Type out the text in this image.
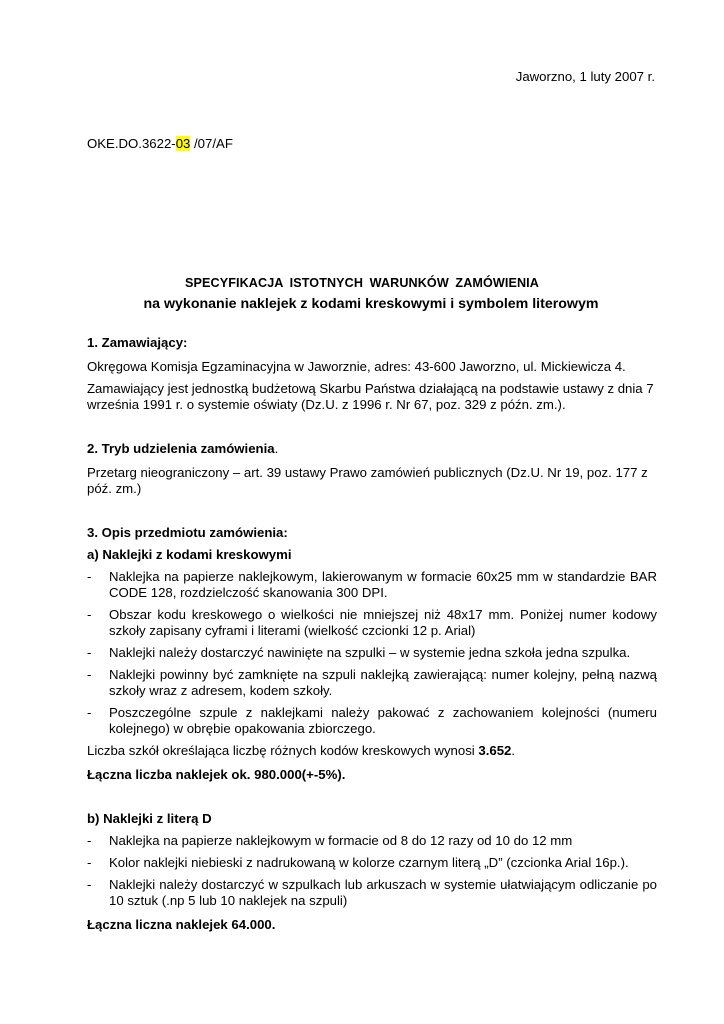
Jaworzno, 1 luty 2007 r.

OKE.DO.3622-03 /07/AF

SPECYFIKACJA ISTOTNYCH WARUNKÓW ZAMÓWIENIA

na wykonanie naklejek z kodami kreskowymi i symbolem literowym

1. Zamawiający:

Okręgowa Komisja Egzaminacyjna w Jaworznie, adres: 43-600 Jaworzno, ul. Mickiewicza 4.

Zamawiający jest jednostką budżetową Skarbu Państwa działającą na podstawie ustawy z dnia 7 września 1991 r. o systemie oświaty (Dz.U. z 1996 r. Nr 67, poz. 329 z późn. zm.).

2. Tryb udzielenia zamówienia.

Przetarg nieograniczony – art. 39 ustawy Prawo zamówień publicznych (Dz.U. Nr 19, poz. 177 z póź. zm.)

3. Opis przedmiotu zamówienia:

a) Naklejki z kodami kreskowymi

- Naklejka na papierze naklejkowym, lakierowanym w formacie 60x25 mm w standardzie BAR CODE 128, rozdzielczość skanowania 300 DPI.
- Obszar kodu kreskowego o wielkości nie mniejszej niż 48x17 mm. Poniżej numer kodowy szkoły zapisany cyframi i literami (wielkość czcionki 12 p. Arial)
- Naklejki należy dostarczyć nawinięte na szpulki – w systemie jedna szkoła jedna szpulka.
- Naklejki powinny być zamknięte na szpuli naklejką zawierającą: numer kolejny, pełną nazwą szkoły wraz z adresem, kodem szkoły.
- Poszczególne szpule z naklejkami należy pakować z zachowaniem kolejności (numeru kolejnego) w obrębie opakowania zbiorczego.

Liczba szkół określająca liczbę różnych kodów kreskowych wynosi 3.652.

Łączna liczba naklejek ok. 980.000(+-5%).

b) Naklejki z literą D

- Naklejka na papierze naklejkowym w formacie od 8 do 12 razy od 10 do 12 mm
- Kolor naklejki niebieski z nadrukowaną w kolorze czarnym literą „D” (czcionka Arial 16p.).
- Naklejki należy dostarczyć w szpulkach lub arkuszach w systemie ułatwiającym odliczanie po 10 sztuk (.np 5 lub 10 naklejek na szpuli)

Łączna liczna naklejek 64.000.
